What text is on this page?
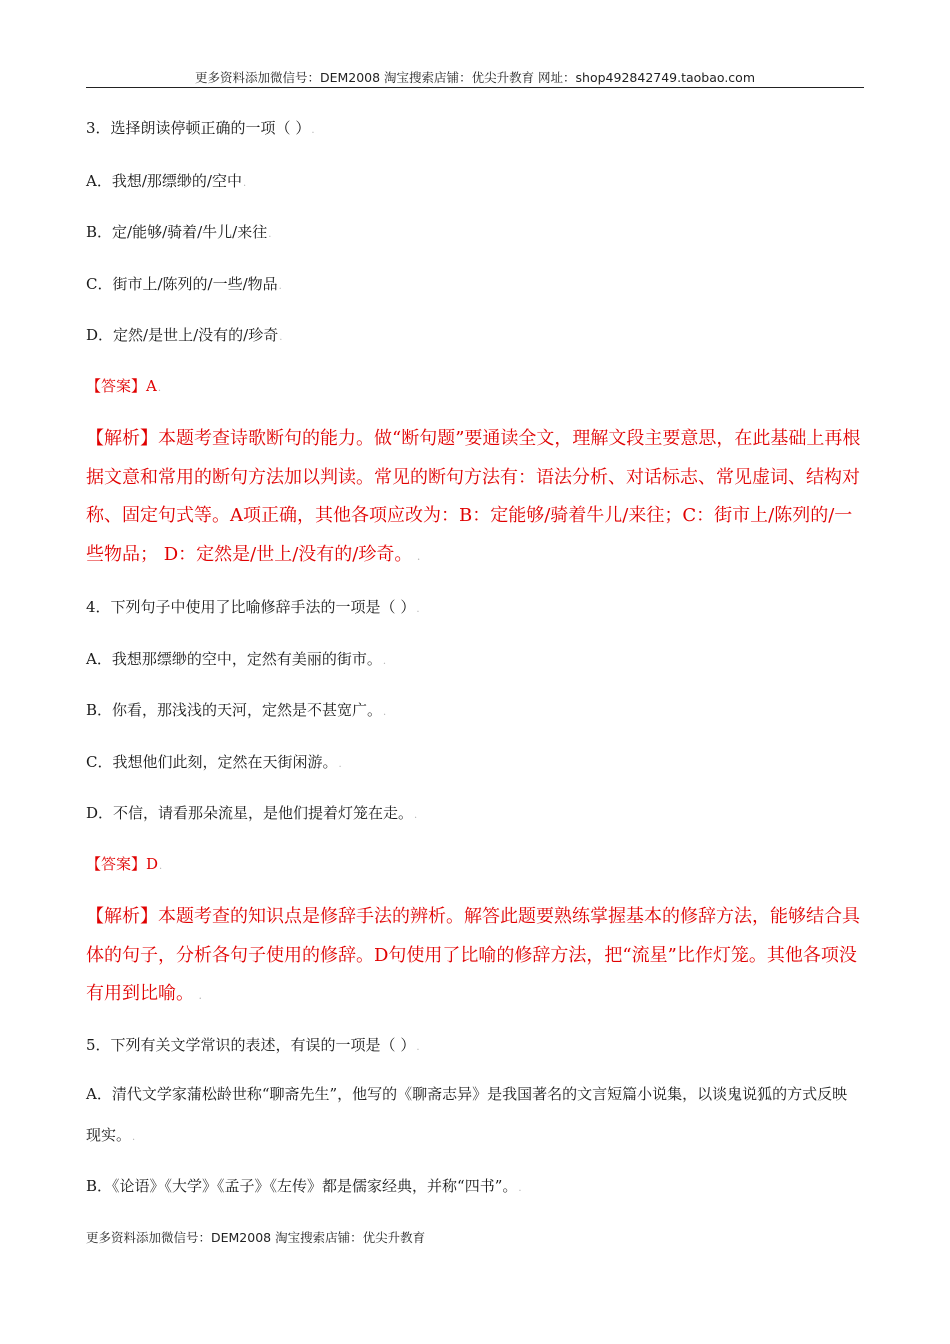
更多资料添加微信号：DEM2008 淘宝搜索店铺：优尖升教育 网址：shop492842749.taobao.com
3．选择朗读停顿正确的一项（ ）.
A．我想/那缥缈的/空中.
B．定/能够/骑着/牛儿/来往.
C．街市上/陈列的/一些/物品.
D．定然/是世上/没有的/珍奇.
【答案】A.
【解析】本题考查诗歌断句的能力。做“断句题”要通读全文，理解文段主要意思，在此基础上再根据文意和常用的断句方法加以判读。常见的断句方法有：语法分析、对话标志、常见虚词、结构对称、固定句式等。A项正确，其他各项应改为：B：定能够/骑着牛儿/来往；C：街市上/陈列的/一些物品； D：定然是/世上/没有的/珍奇。 .
4．下列句子中使用了比喻修辞手法的一项是（ ）.
A．我想那缥缈的空中，定然有美丽的街市。.
B．你看，那浅浅的天河，定然是不甚宽广。.
C．我想他们此刻，定然在天街闲游。.
D．不信，请看那朵流星，是他们提着灯笼在走。.
【答案】D.
【解析】本题考查的知识点是修辞手法的辨析。解答此题要熟练掌握基本的修辞方法，能够结合具体的句子，分析各句子使用的修辞。D句使用了比喻的修辞方法，把“流星”比作灯笼。其他各项没有用到比喻。 .
5．下列有关文学常识的表述，有误的一项是（ ）.
A．清代文学家蒲松龄世称“聊斋先生”，他写的《聊斋志异》是我国著名的文言短篇小说集，以谈鬼说狐的方式反映现实。.
B．《论语》《大学》《孟子》《左传》都是儒家经典，并称“四书”。.
更多资料添加微信号：DEM2008 淘宝搜索店铺：优尖升教育
